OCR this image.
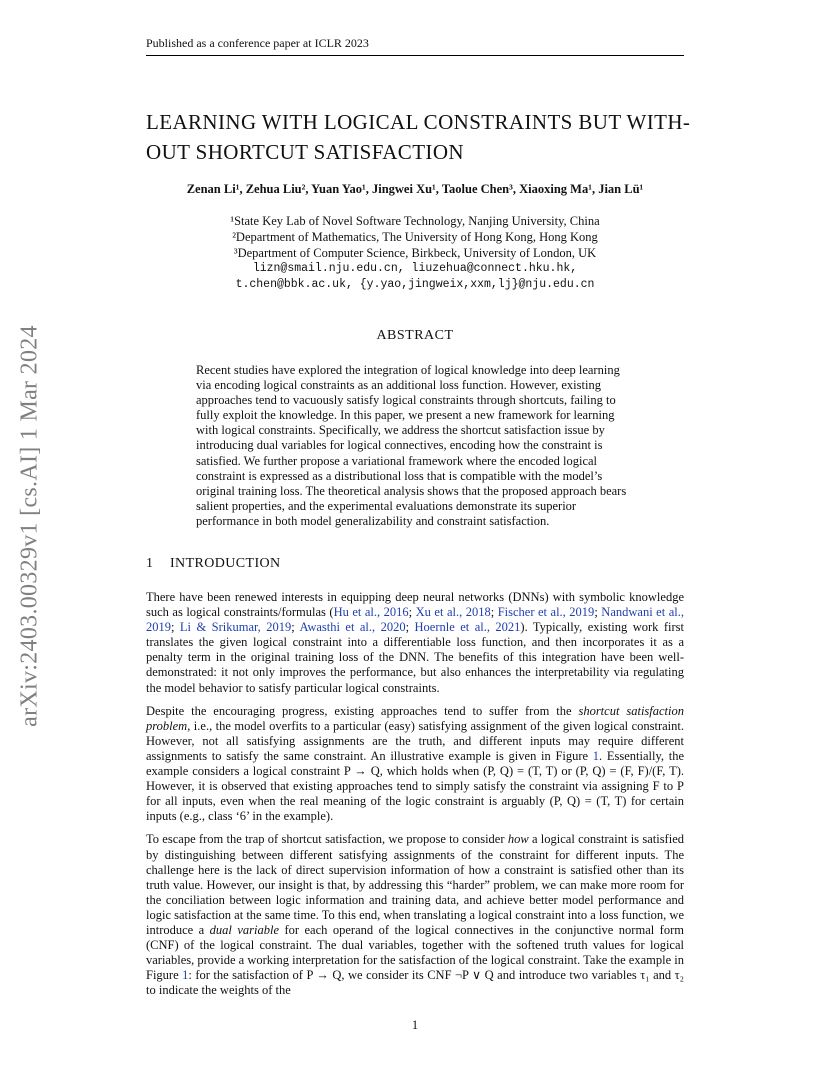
Published as a conference paper at ICLR 2023
arXiv:2403.00329v1 [cs.AI] 1 Mar 2024
LEARNING WITH LOGICAL CONSTRAINTS BUT WITH-
OUT SHORTCUT SATISFACTION
Zenan Li¹, Zehua Liu², Yuan Yao¹, Jingwei Xu¹, Taolue Chen³, Xiaoxing Ma¹, Jian Lü¹
¹State Key Lab of Novel Software Technology, Nanjing University, China
²Department of Mathematics, The University of Hong Kong, Hong Kong
³Department of Computer Science, Birkbeck, University of London, UK
lizn@smail.nju.edu.cn, liuzehua@connect.hku.hk,
t.chen@bbk.ac.uk, {y.yao,jingweix,xxm,lj}@nju.edu.cn
ABSTRACT
Recent studies have explored the integration of logical knowledge into deep learning via encoding logical constraints as an additional loss function. However, existing approaches tend to vacuously satisfy logical constraints through shortcuts, failing to fully exploit the knowledge. In this paper, we present a new framework for learning with logical constraints. Specifically, we address the shortcut satisfaction issue by introducing dual variables for logical connectives, encoding how the constraint is satisfied. We further propose a variational framework where the encoded logical constraint is expressed as a distributional loss that is compatible with the model’s original training loss. The theoretical analysis shows that the proposed approach bears salient properties, and the experimental evaluations demonstrate its superior performance in both model generalizability and constraint satisfaction.
1 INTRODUCTION

There have been renewed interests in equipping deep neural networks (DNNs) with symbolic knowledge such as logical constraints/formulas (Hu et al., 2016; Xu et al., 2018; Fischer et al., 2019; Nandwani et al., 2019; Li & Srikumar, 2019; Awasthi et al., 2020; Hoernle et al., 2021). Typically, existing work first translates the given logical constraint into a differentiable loss function, and then incorporates it as a penalty term in the original training loss of the DNN. The benefits of this integration have been well-demonstrated: it not only improves the performance, but also enhances the interpretability via regulating the model behavior to satisfy particular logical constraints.

Despite the encouraging progress, existing approaches tend to suffer from the shortcut satisfaction problem, i.e., the model overfits to a particular (easy) satisfying assignment of the given logical constraint. However, not all satisfying assignments are the truth, and different inputs may require different assignments to satisfy the same constraint. An illustrative example is given in Figure 1. Essentially, the example considers a logical constraint P → Q, which holds when (P, Q) = (T, T) or (P, Q) = (F, F)/(F, T). However, it is observed that existing approaches tend to simply satisfy the constraint via assigning F to P for all inputs, even when the real meaning of the logic constraint is arguably (P, Q) = (T, T) for certain inputs (e.g., class ‘6’ in the example).

To escape from the trap of shortcut satisfaction, we propose to consider how a logical constraint is satisfied by distinguishing between different satisfying assignments of the constraint for different inputs. The challenge here is the lack of direct supervision information of how a constraint is satisfied other than its truth value. However, our insight is that, by addressing this “harder” problem, we can make more room for the conciliation between logic information and training data, and achieve better model performance and logic satisfaction at the same time. To this end, when translating a logical constraint into a loss function, we introduce a dual variable for each operand of the logical connectives in the conjunctive normal form (CNF) of the logical constraint. The dual variables, together with the softened truth values for logical variables, provide a working interpretation for the satisfaction of the logical constraint. Take the example in Figure 1: for the satisfaction of P → Q, we consider its CNF ¬P ∨ Q and introduce two variables τ₁ and τ₂ to indicate the weights of the

1
